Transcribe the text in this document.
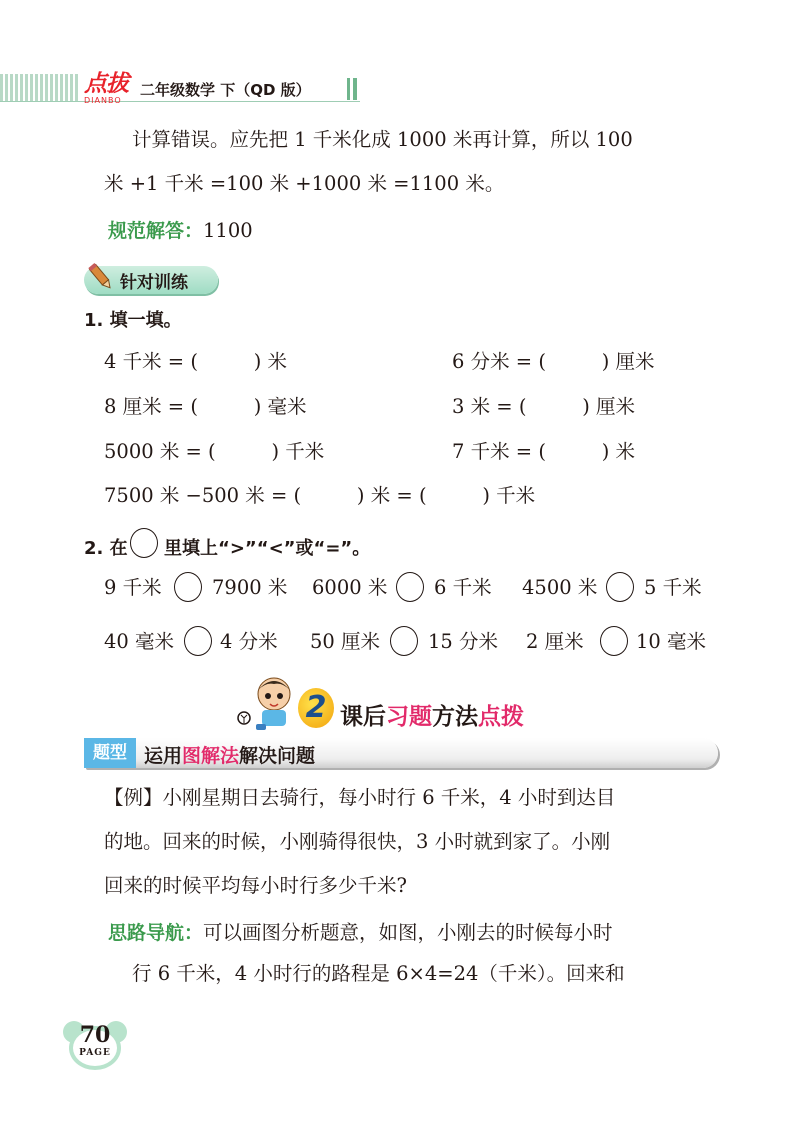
点拔
DIANBO
二年级数学 下（QD 版）
计算错误。应先把 1 千米化成 1000 米再计算，所以 100
米 +1 千米 =100 米 +1000 米 =1100 米。
规范解答：1100
针对训练
1. 填一填。
4 千米 = (         ) 米	6 分米 = (         ) 厘米
8 厘米 = (         ) 毫米	3 米 = (         ) 厘米
5000 米 = (         ) 千米	7 千米 = (         ) 米
7500 米 −500 米 = (         ) 米 = (         ) 千米
2. 在 里填上“>”“<”或“=”。
9 千米	7900 米 6000 米 6 千米 4500 米 5 千米
40 毫米 4 分米 50 厘米 15 分米 2 厘米	10 毫米
2 课后习题方法点拨
题型 运用图解法解决问题
【例】小刚星期日去骑行，每小时行 6 千米，4 小时到达目
的地。回来的时候，小刚骑得很快，3 小时就到家了。小刚
回来的时候平均每小时行多少千米?
思路导航：可以画图分析题意，如图，小刚去的时候每小时
行 6 千米，4 小时行的路程是 6×4=24（千米）。回来和
70
PAGE
